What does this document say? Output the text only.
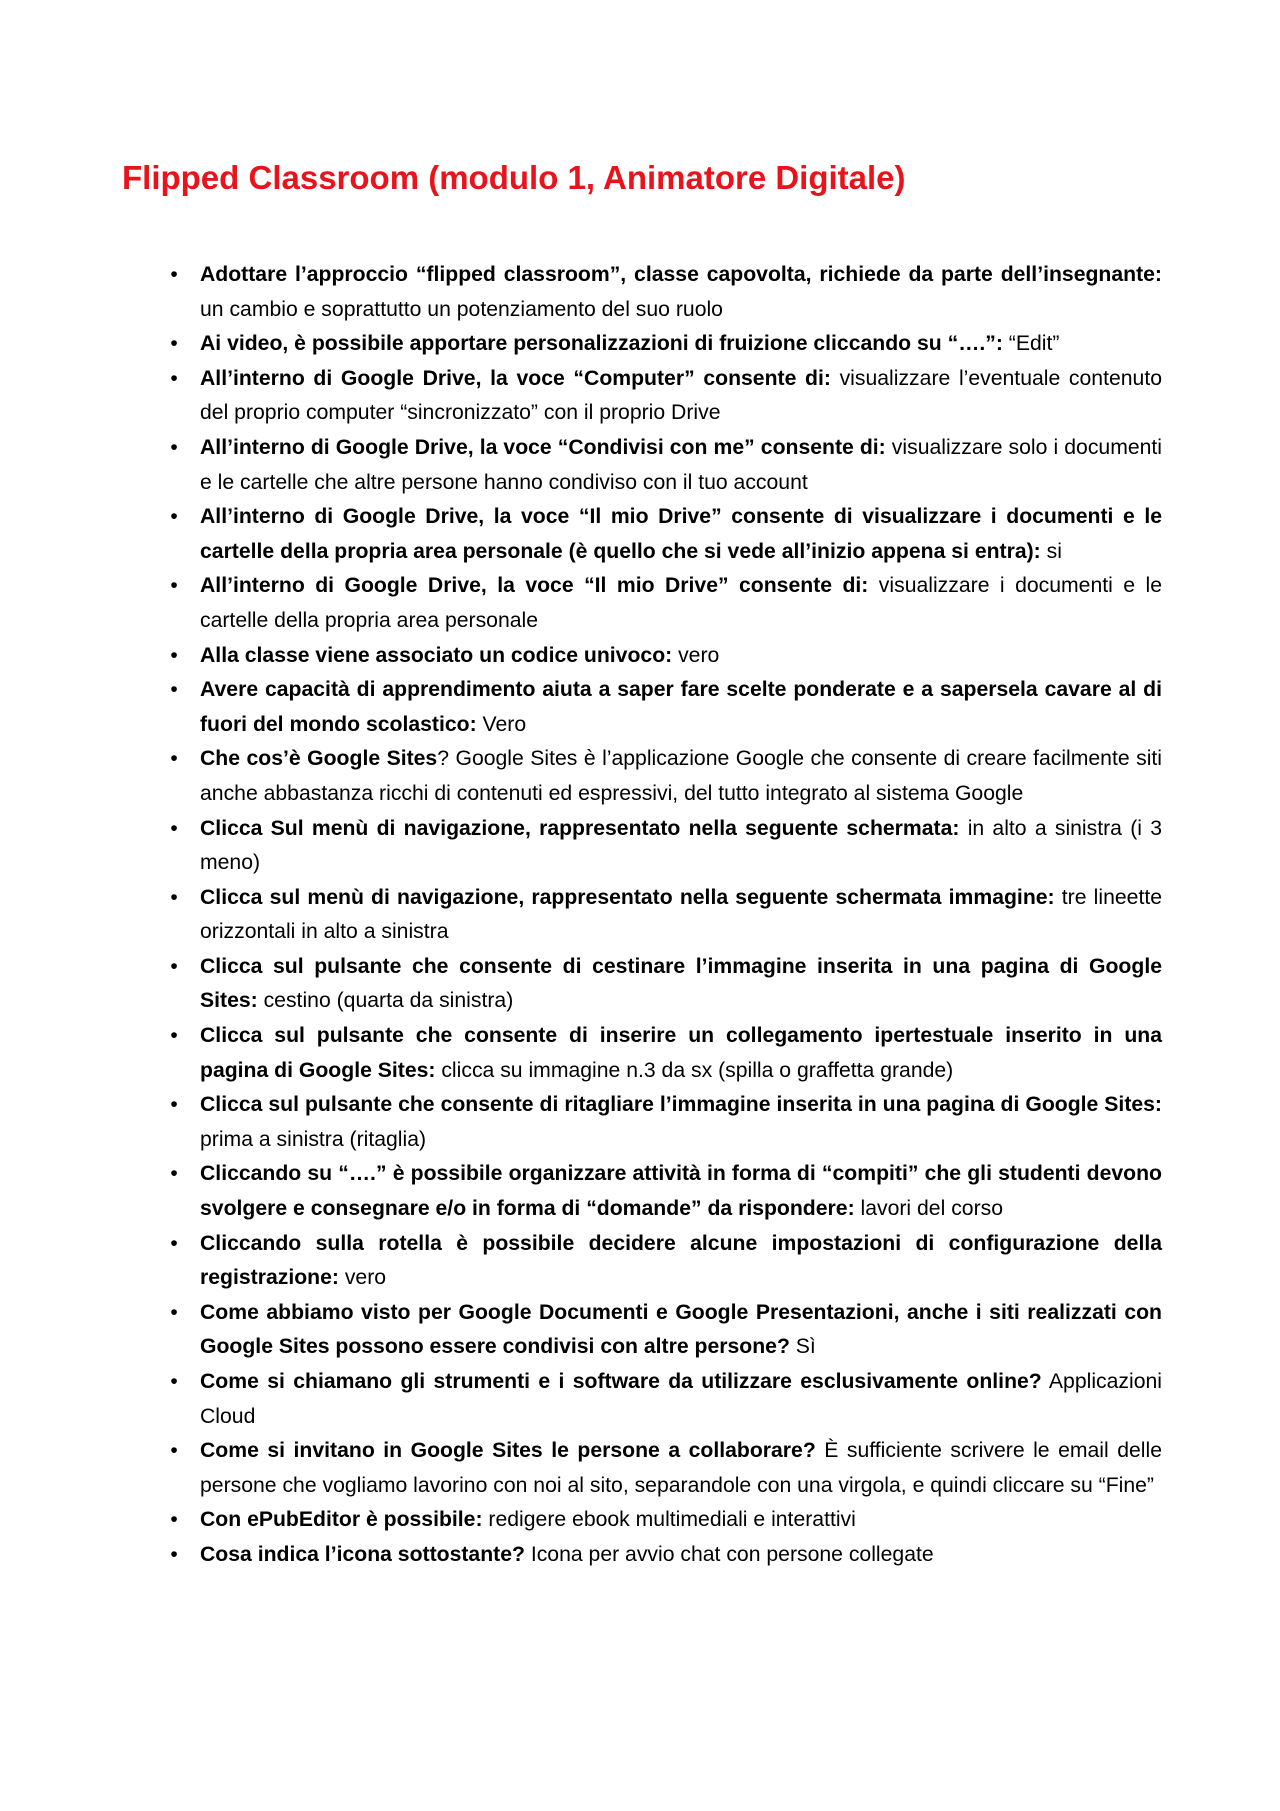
Flipped Classroom (modulo 1, Animatore Digitale)
• Adottare l’approccio “flipped classroom”, classe capovolta, richiede da parte dell’insegnante: un cambio e soprattutto un potenziamento del suo ruolo
• Ai video, è possibile apportare personalizzazioni di fruizione cliccando su “….”: “Edit”
• All’interno di Google Drive, la voce “Computer” consente di: visualizzare l’eventuale contenuto del proprio computer “sincronizzato” con il proprio Drive
• All’interno di Google Drive, la voce “Condivisi con me” consente di: visualizzare solo i documenti e le cartelle che altre persone hanno condiviso con il tuo account
• All’interno di Google Drive, la voce “Il mio Drive” consente di visualizzare i documenti e le cartelle della propria area personale (è quello che si vede all’inizio appena si entra): si
• All’interno di Google Drive, la voce “Il mio Drive” consente di: visualizzare i documenti e le cartelle della propria area personale
• Alla classe viene associato un codice univoco: vero
• Avere capacità di apprendimento aiuta a saper fare scelte ponderate e a sapersela cavare al di fuori del mondo scolastico: Vero
• Che cos’è Google Sites? Google Sites è l’applicazione Google che consente di creare facilmente siti anche abbastanza ricchi di contenuti ed espressivi, del tutto integrato al sistema Google
• Clicca Sul menù di navigazione, rappresentato nella seguente schermata: in alto a sinistra (i 3 meno)
• Clicca sul menù di navigazione, rappresentato nella seguente schermata immagine: tre lineette orizzontali in alto a sinistra
• Clicca sul pulsante che consente di cestinare l’immagine inserita in una pagina di Google Sites: cestino (quarta da sinistra)
• Clicca sul pulsante che consente di inserire un collegamento ipertestuale inserito in una pagina di Google Sites: clicca su immagine n.3 da sx (spilla o graffetta grande)
• Clicca sul pulsante che consente di ritagliare l’immagine inserita in una pagina di Google Sites: prima a sinistra (ritaglia)
• Cliccando su “….” è possibile organizzare attività in forma di “compiti” che gli studenti devono svolgere e consegnare e/o in forma di “domande” da rispondere: lavori del corso
• Cliccando sulla rotella è possibile decidere alcune impostazioni di configurazione della registrazione: vero
• Come abbiamo visto per Google Documenti e Google Presentazioni, anche i siti realizzati con Google Sites possono essere condivisi con altre persone? Sì
• Come si chiamano gli strumenti e i software da utilizzare esclusivamente online? Applicazioni Cloud
• Come si invitano in Google Sites le persone a collaborare? È sufficiente scrivere le email delle persone che vogliamo lavorino con noi al sito, separandole con una virgola, e quindi cliccare su “Fine”
• Con ePubEditor è possibile: redigere ebook multimediali e interattivi
• Cosa indica l’icona sottostante? Icona per avvio chat con persone collegate
